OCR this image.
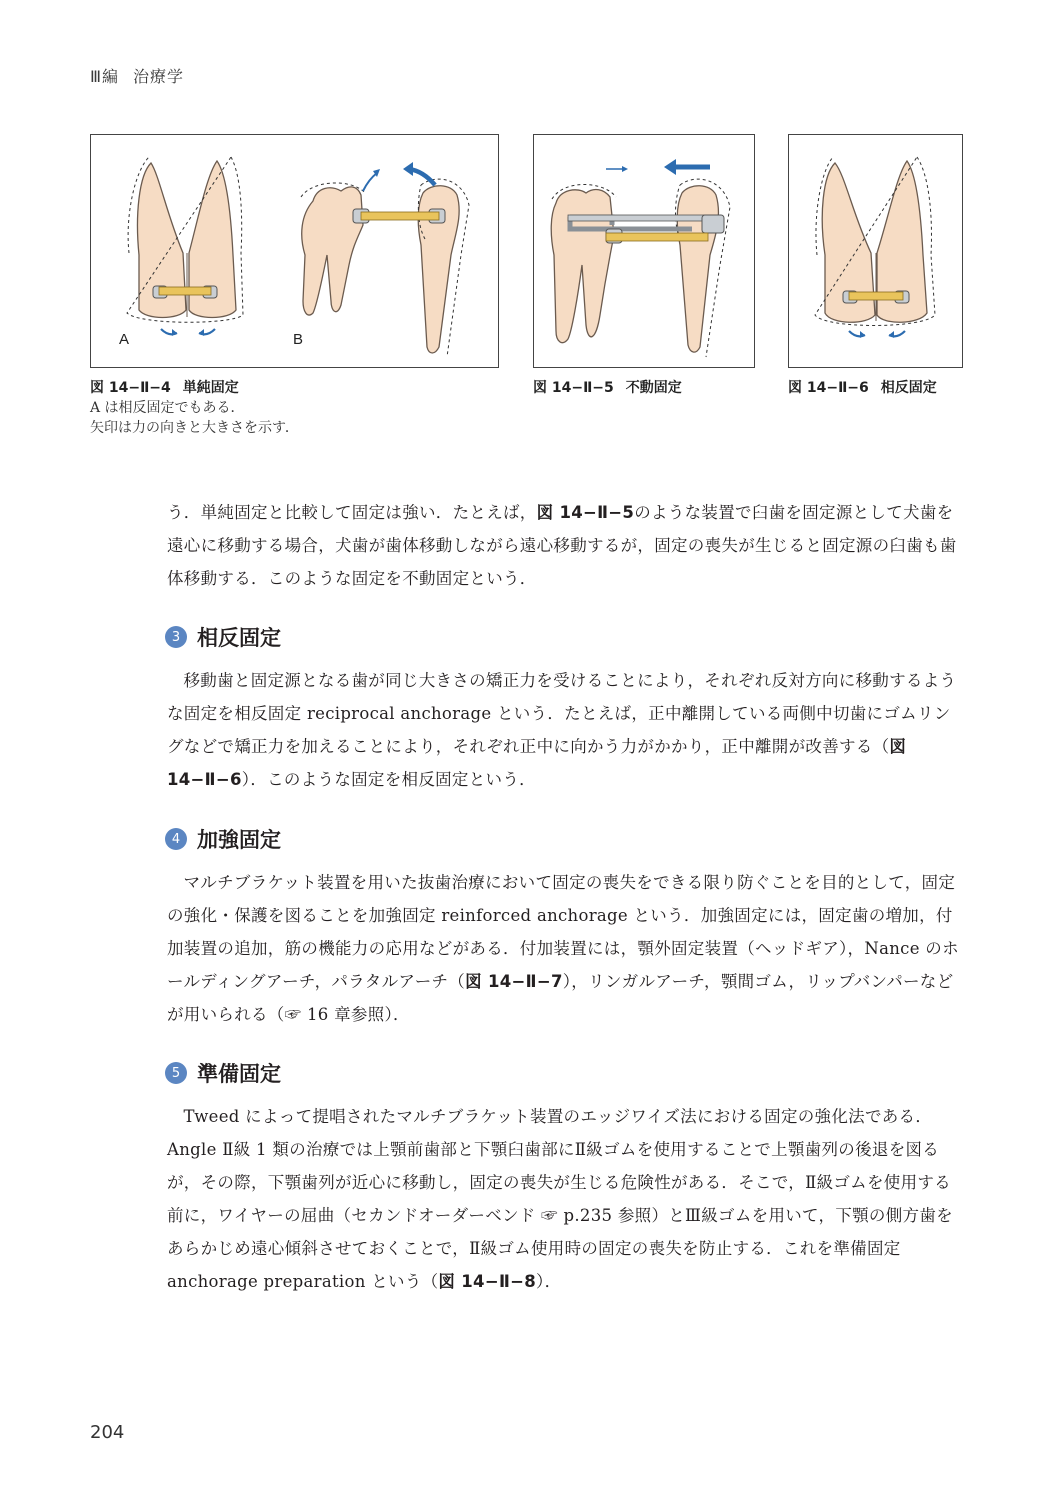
Ⅲ編 治療学
A	B
図 14−Ⅱ−4 単純固定
A は相反固定でもある．
矢印は力の向きと大きさを示す．
図 14−Ⅱ−5 不動固定	図 14−Ⅱ−6 相反固定

う．単純固定と比較して固定は強い．たとえば，図 14−Ⅱ−5のような装置で臼歯を固定源として犬歯を遠心に移動する場合，犬歯が歯体移動しながら遠心移動するが，固定の喪失が生じると固定源の臼歯も歯体移動する．このような固定を不動固定という．

3 相反固定

移動歯と固定源となる歯が同じ大きさの矯正力を受けることにより，それぞれ反対方向に移動するような固定を相反固定 reciprocal anchorage という．たとえば，正中離開している両側中切歯にゴムリングなどで矯正力を加えることにより，それぞれ正中に向かう力がかかり，正中離開が改善する（図 14−Ⅱ−6）．このような固定を相反固定という．

4 加強固定

マルチブラケット装置を用いた抜歯治療において固定の喪失をできる限り防ぐことを目的として，固定の強化・保護を図ることを加強固定 reinforced anchorage という．加強固定には，固定歯の増加，付加装置の追加，筋の機能力の応用などがある．付加装置には，顎外固定装置（ヘッドギア），Nance のホールディングアーチ，パラタルアーチ（図 14−Ⅱ−7），リンガルアーチ，顎間ゴム，リップバンパーなどが用いられる（☞ 16 章参照）．

5 準備固定

Tweed によって提唱されたマルチブラケット装置のエッジワイズ法における固定の強化法である．Angle Ⅱ級 1 類の治療では上顎前歯部と下顎臼歯部にⅡ級ゴムを使用することで上顎歯列の後退を図るが，その際，下顎歯列が近心に移動し，固定の喪失が生じる危険性がある．そこで，Ⅱ級ゴムを使用する前に，ワイヤーの屈曲（セカンドオーダーベンド ☞ p.235 参照）とⅢ級ゴムを用いて，下顎の側方歯をあらかじめ遠心傾斜させておくことで，Ⅱ級ゴム使用時の固定の喪失を防止する．これを準備固定 anchorage preparation という（図 14−Ⅱ−8）．

204
